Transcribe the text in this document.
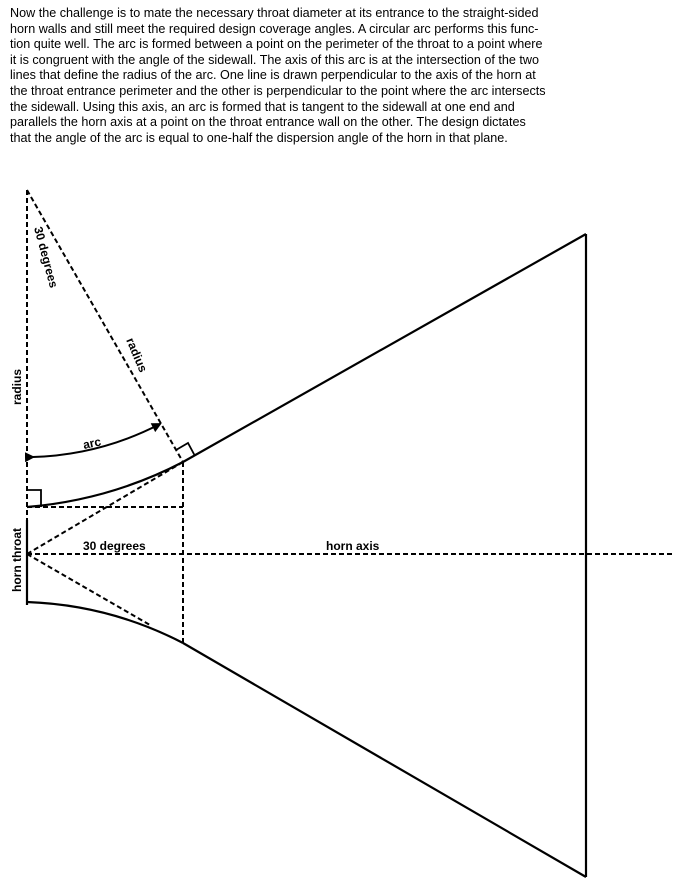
Now the challenge is to mate the necessary throat diameter at its entrance to the straight-sided
horn walls and still meet the required design coverage angles. A circular arc performs this func-
tion quite well. The arc is formed between a point on the perimeter of the throat to a point where
it is congruent with the angle of the sidewall. The axis of this arc is at the intersection of the two
lines that define the radius of the arc. One line is drawn perpendicular to the axis of the horn at
the throat entrance perimeter and the other is perpendicular to the point where the arc intersects
the sidewall. Using this axis, an arc is formed that is tangent to the sidewall at one end and
parallels the horn axis at a point on the throat entrance wall on the other. The design dictates
that the angle of the arc is equal to one-half the dispersion angle of the horn in that plane.

30 degrees
radius
radius
arc
30 degrees	horn axis
horn throat
